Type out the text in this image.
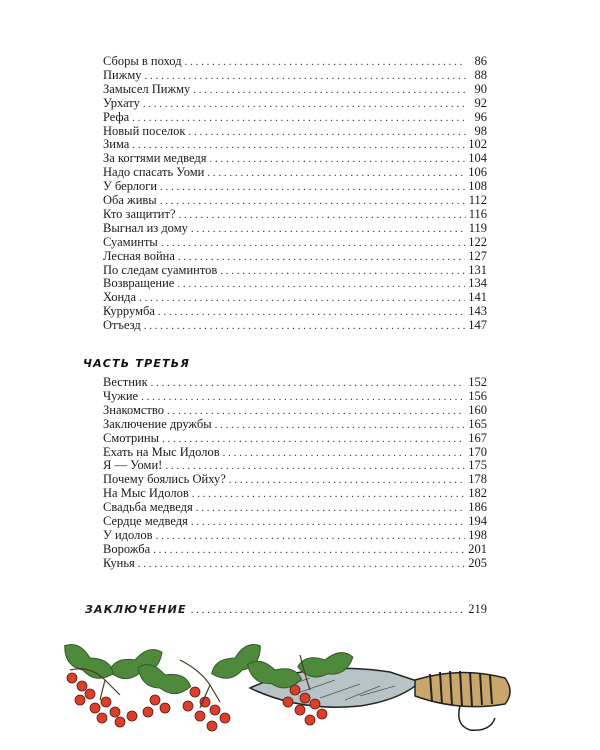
Сборы в поход . . .	86
Пижму . . .	88
Замысел Пижму . . .	90
Урхату . . .	92
Рефа . . .	96
Новый поселок . . .	98
Зима . . .	102
За когтями медведя . . .	104
Надо спасать Уоми . . .	106
У берлоги . . .	108
Оба живы . . .	112
Кто защитит? . . .	116
Выгнал из дому . . .	119
Суаминты . . .	122
Лесная война . . .	127
По следам суаминтов . . .	131
Возвращение . . .	134
Хонда . . .	141
Куррумба . . .	143
Отъезд . . .	147
ЧАСТЬ ТРЕТЬЯ
Вестник . . .	152
Чужие . . .	156
Знакомство . . .	160
Заключение дружбы . . .	165
Смотрины . . .	167
Ехать на Мыс Идолов . . .	170
Я — Уоми! . . .	175
Почему боялись Ойху? . . .	178
На Мыс Идолов . . .	182
Свадьба медведя . . .	186
Сердце медведя . . .	194
У идолов . . .	198
Ворожба . . .	201
Кунья . . .	205
ЗАКЛЮЧЕНИЕ . . .	219
